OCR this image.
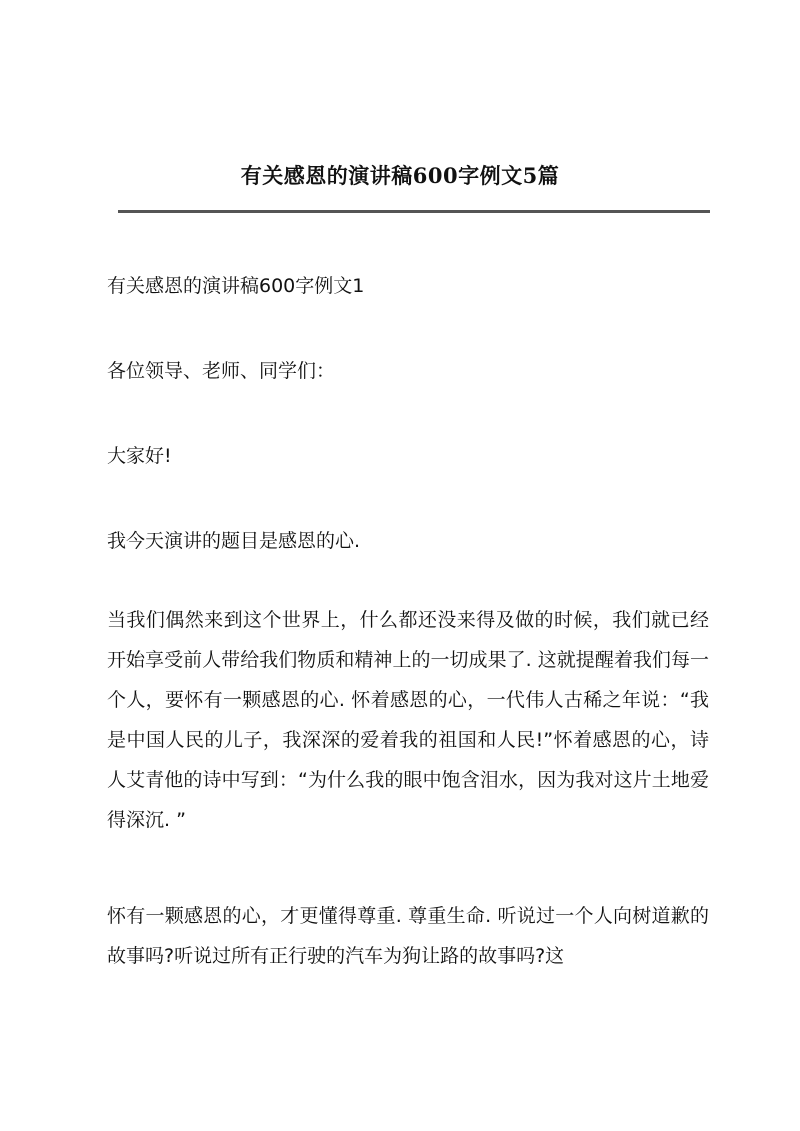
有关感恩的演讲稿600字例文5篇

有关感恩的演讲稿600字例文1

各位领导、老师、同学们：

大家好!

我今天演讲的题目是感恩的心.

当我们偶然来到这个世界上，什么都还没来得及做的时候，我们就已经开始享受前人带给我们物质和精神上的一切成果了. 这就提醒着我们每一个人，要怀有一颗感恩的心. 怀着感恩的心，一代伟人古稀之年说：“我是中国人民的儿子，我深深的爱着我的祖国和人民!”怀着感恩的心，诗人艾青他的诗中写到：“为什么我的眼中饱含泪水，因为我对这片土地爱得深沉. ”

怀有一颗感恩的心，才更懂得尊重. 尊重生命. 听说过一个人向树道歉的故事吗?听说过所有正行驶的汽车为狗让路的故事吗?这
